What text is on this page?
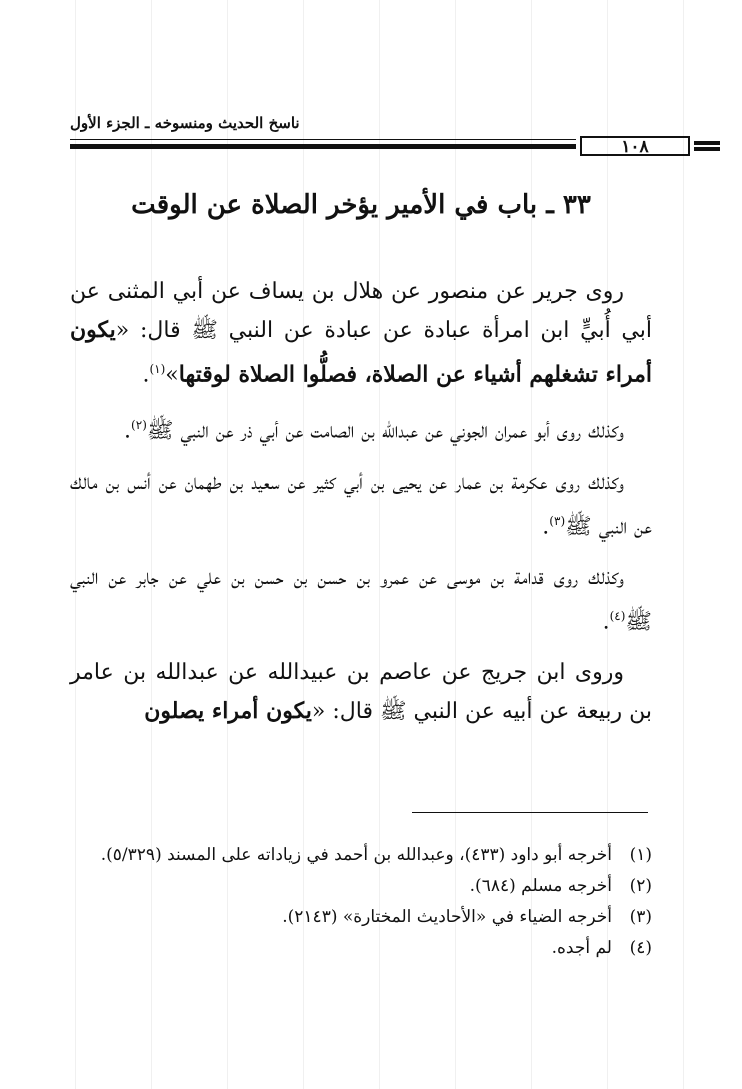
ناسخ الحديث ومنسوخه ـ الجزء الأول
١٠٨
٣٣ ـ باب في الأمير يؤخر الصلاة عن الوقت

روى جرير عن منصور عن هلال بن يساف عن أبي المثنى عن أبي أُبيٍّ ابن امرأة عبادة عن عبادة عن النبي ﷺ قال: «يكون أمراء تشغلهم أشياء عن الصلاة، فصلُّوا الصلاة لوقتها»$^{(١)}$.

وكذلك روى أبو عمران الجوني عن عبدالله بن الصامت عن أبي ذر عن النبي ﷺ$^{(٢)}$.

وكذلك روى عكرمة بن عمار عن يحيى بن أبي كثير عن سعيد بن طهمان عن أنس بن مالك عن النبي ﷺ$^{(٣)}$.

وكذلك روى قدامة بن موسى عن عمرو بن حسن بن حسن بن علي عن جابر عن النبي ﷺ$^{(٤)}$.

وروى ابن جريج عن عاصم بن عبيدالله عن عبدالله بن عامر بن ربيعة عن أبيه عن النبي ﷺ قال: «يكون أمراء يصلون

(١)
أخرجه أبو داود (٤٣٣)، وعبدالله بن أحمد في زياداته على المسند (٥/٣٢٩).
(٢)
أخرجه مسلم (٦٨٤).
(٣)
أخرجه الضياء في «الأحاديث المختارة» (٢١٤٣).
(٤)
لم أجده.
